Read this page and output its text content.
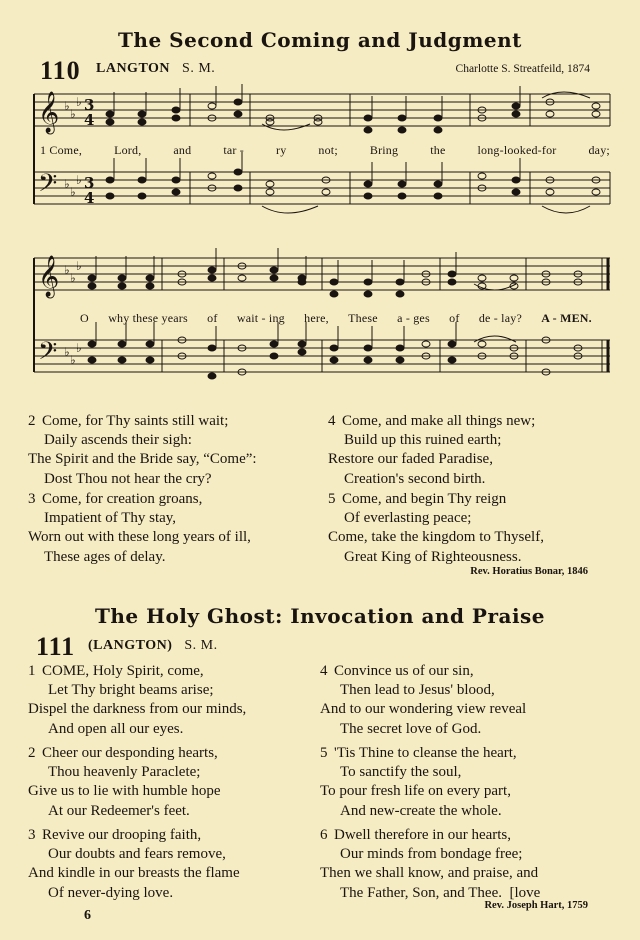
The Second Coming and Judgment
110 LANGTON S. M.	Charlotte S. Streatfeild, 1874
𝄞
𝄢
♭
♭
♭
♭
♭
♭
3
4
3
4
1 Come,	Lord,	and	tar -	ry	not;	Bring	the	long-looked-for	day;
𝄞
𝄢
♭
♭
♭
♭
♭
♭
O why these years of wait - ing here, These a - ges of de - lay? A - MEN.
2 Come, for Thy saints still wait;
Daily ascends their sigh:
The Spirit and the Bride say, “Come”:
Dost Thou not hear the cry?
3 Come, for creation groans,
Impatient of Thy stay,
Worn out with these long years of ill,
These ages of delay.
4 Come, and make all things new;
Build up this ruined earth;
Restore our faded Paradise,
Creation's second birth.
5 Come, and begin Thy reign
Of everlasting peace;
Come, take the kingdom to Thyself,
Great King of Righteousness.
Rev. Horatius Bonar, 1846
The Holy Ghost: Invocation and Praise
111 (LANGTON) S. M.
1 COME, Holy Spirit, come,
Let Thy bright beams arise;
Dispel the darkness from our minds,
And open all our eyes.
2 Cheer our desponding hearts,
Thou heavenly Paraclete;
Give us to lie with humble hope
At our Redeemer's feet.
3 Revive our drooping faith,
Our doubts and fears remove,
And kindle in our breasts the flame
Of never-dying love.
4 Convince us of our sin,
Then lead to Jesus' blood,
And to our wondering view reveal
The secret love of God.
5 'Tis Thine to cleanse the heart,
To sanctify the soul,
To pour fresh life on every part,
And new-create the whole.
6 Dwell therefore in our hearts,
Our minds from bondage free;
Then we shall know, and praise, and
The Father, Son, and Thee.  [love
Rev. Joseph Hart, 1759
6
